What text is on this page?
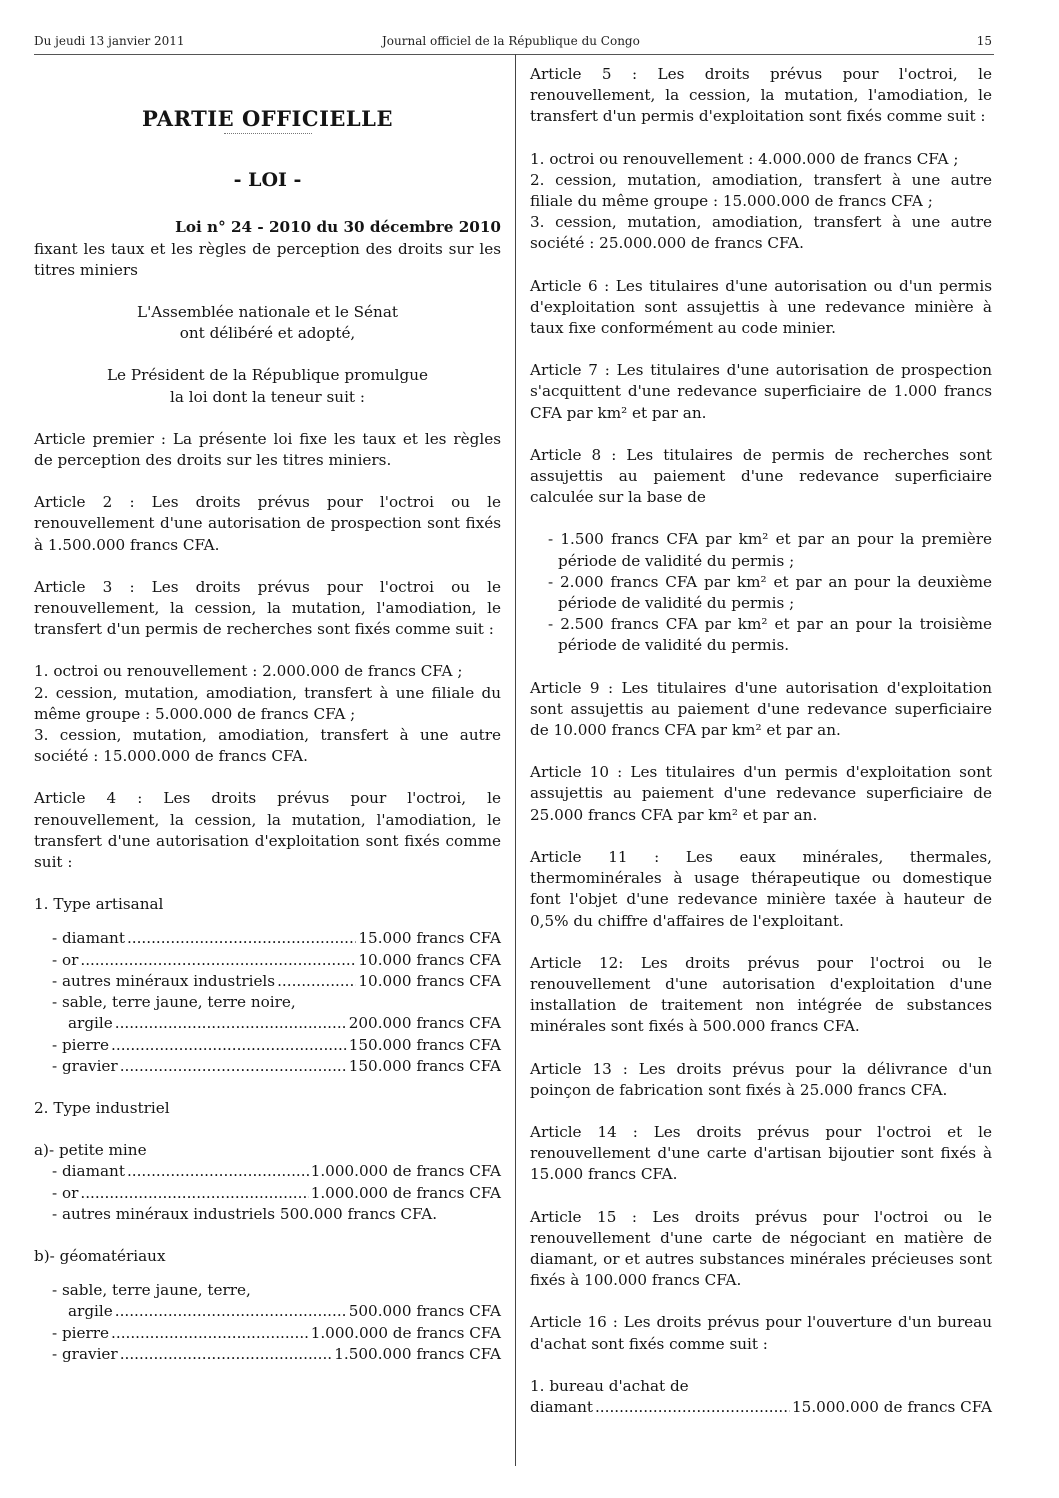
Du jeudi 13 janvier 2011	Journal officiel de la République du Congo	15
PARTIE OFFICIELLE
- LOI -
Loi n° 24 - 2010 du 30 décembre 2010

fixant les taux et les règles de perception des droits sur les titres miniers

L'Assemblée nationale et le Sénat

ont délibéré et adopté,

Le Président de la République promulgue

la loi dont la teneur suit :

Article premier : La présente loi fixe les taux et les règles de perception des droits sur les titres miniers.

Article 2 : Les droits prévus pour l'octroi ou le renouvellement d'une autorisation de prospection sont fixés à 1.500.000 francs CFA.

Article 3 : Les droits prévus pour l'octroi ou le renouvellement, la cession, la mutation, l'amodiation, le transfert d'un permis de recherches sont fixés comme suit :

1. octroi ou renouvellement : 2.000.000 de francs CFA ;
2. cession, mutation, amodiation, transfert à une filiale du même groupe : 5.000.000 de francs CFA ;
3. cession, mutation, amodiation, transfert à une autre société : 15.000.000 de francs CFA.

Article 4 : Les droits prévus pour l'octroi, le renouvellement, la cession, la mutation, l'amodiation, le transfert d'une autorisation d'exploitation sont fixés comme suit :

1. Type artisanal

- diamant .....	15.000 francs CFA
- or .....	10.000 francs CFA
- autres minéraux industriels .....	10.000 francs CFA
- sable, terre jaune, terre noire,
argile .....	200.000 francs CFA
- pierre .....	150.000 francs CFA
- gravier .....	150.000 francs CFA

2. Type industriel

a)- petite mine
- diamant .....	1.000.000 de francs CFA
- or .....	1.000.000 de francs CFA
- autres minéraux industriels 500.000 francs CFA.

b)- géomatériaux

- sable, terre jaune, terre,
argile .....	500.000 francs CFA
- pierre .....	1.000.000 de francs CFA
- gravier .....	1.500.000 francs CFA

Article 5 : Les droits prévus pour l'octroi, le renouvellement, la cession, la mutation, l'amodiation, le transfert d'un permis d'exploitation sont fixés comme suit :

1. octroi ou renouvellement : 4.000.000 de francs CFA ;
2. cession, mutation, amodiation, transfert à une autre filiale du même groupe : 15.000.000 de francs CFA ;
3. cession, mutation, amodiation, transfert à une autre société : 25.000.000 de francs CFA.

Article 6 : Les titulaires d'une autorisation ou d'un permis d'exploitation sont assujettis à une redevance minière à taux fixe conformément au code minier.

Article 7 : Les titulaires d'une autorisation de prospection s'acquittent d'une redevance superficiaire de 1.000 francs CFA par km² et par an.

Article 8 : Les titulaires de permis de recherches sont assujettis au paiement d'une redevance superficiaire calculée sur la base de

- 1.500 francs CFA par km² et par an pour la première période de validité du permis ;
- 2.000 francs CFA par km² et par an pour la deuxième période de validité du permis ;
- 2.500 francs CFA par km² et par an pour la troisième période de validité du permis.

Article 9 : Les titulaires d'une autorisation d'exploitation sont assujettis au paiement d'une redevance superficiaire de 10.000 francs CFA par km² et par an.

Article 10 : Les titulaires d'un permis d'exploitation sont assujettis au paiement d'une redevance superficiaire de 25.000 francs CFA par km² et par an.

Article 11 : Les eaux minérales, thermales, thermominérales à usage thérapeutique ou domestique font l'objet d'une redevance minière taxée à hauteur de 0,5% du chiffre d'affaires de l'exploitant.

Article 12: Les droits prévus pour l'octroi ou le renouvellement d'une autorisation d'exploitation d'une installation de traitement non intégrée de substances minérales sont fixés à 500.000 francs CFA.

Article 13 : Les droits prévus pour la délivrance d'un poinçon de fabrication sont fixés à 25.000 francs CFA.

Article 14 : Les droits prévus pour l'octroi et le renouvellement d'une carte d'artisan bijoutier sont fixés à 15.000 francs CFA.

Article 15 : Les droits prévus pour l'octroi ou le renouvellement d'une carte de négociant en matière de diamant, or et autres substances minérales précieuses sont fixés à 100.000 francs CFA.

Article 16 : Les droits prévus pour l'ouverture d'un bureau d'achat sont fixés comme suit :

1. bureau d'achat de
diamant .....	15.000.000 de francs CFA
